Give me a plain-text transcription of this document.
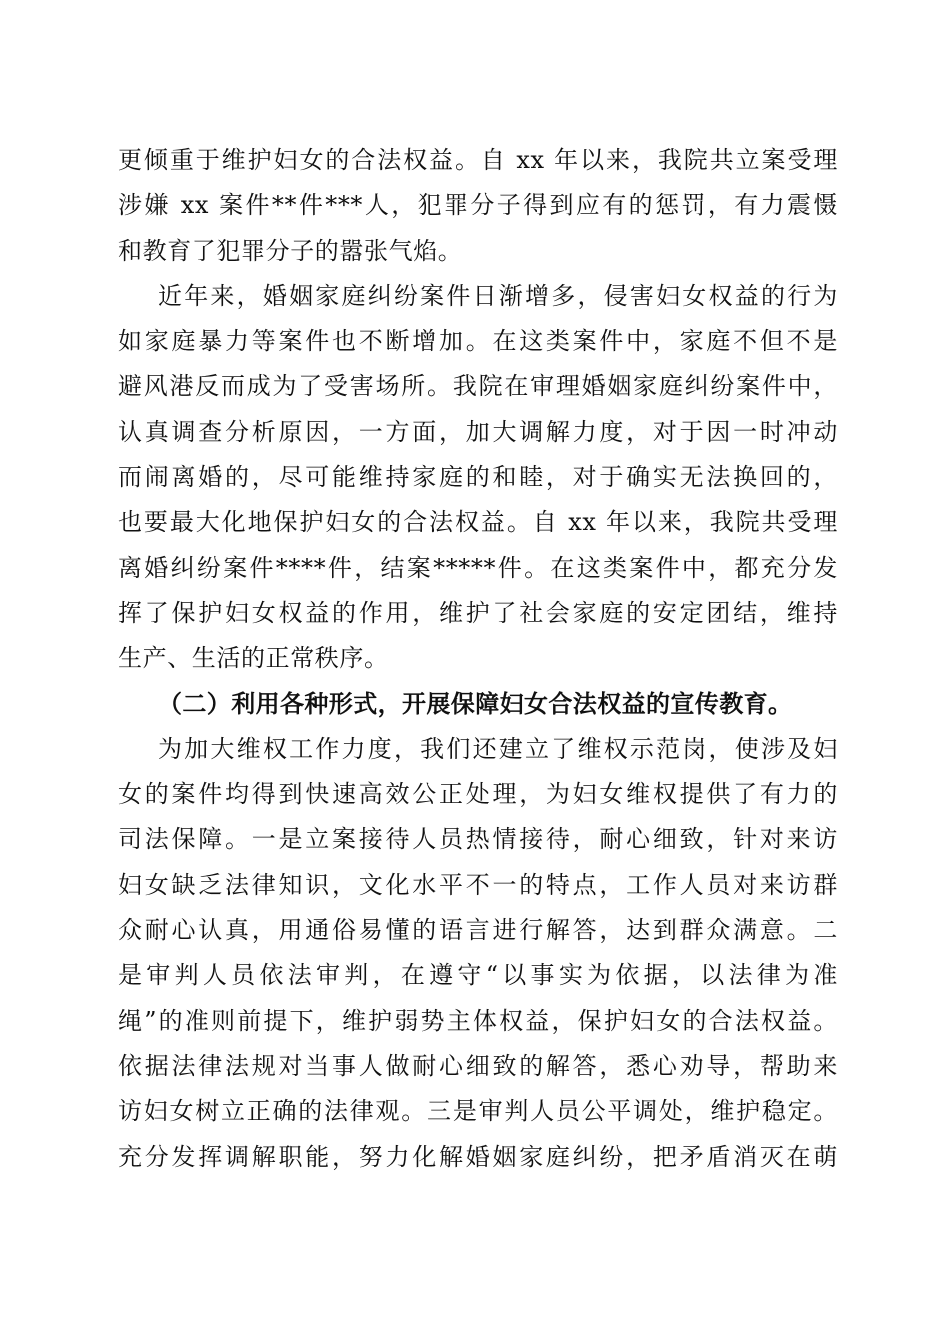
更倾重于维护妇女的合法权益。自 xx 年以来，我院共立案受理
涉嫌 xx 案件**件***人，犯罪分子得到应有的惩罚，有力震慑
和教育了犯罪分子的嚣张气焰。
近年来，婚姻家庭纠纷案件日渐增多，侵害妇女权益的行为
如家庭暴力等案件也不断增加。在这类案件中，家庭不但不是
避风港反而成为了受害场所。我院在审理婚姻家庭纠纷案件中，
认真调查分析原因，一方面，加大调解力度，对于因一时冲动
而闹离婚的，尽可能维持家庭的和睦，对于确实无法换回的，
也要最大化地保护妇女的合法权益。自 xx 年以来，我院共受理
离婚纠纷案件****件，结案*****件。在这类案件中，都充分发
挥了保护妇女权益的作用，维护了社会家庭的安定团结，维持
生产、生活的正常秩序。
（二）利用各种形式，开展保障妇女合法权益的宣传教育。
为加大维权工作力度，我们还建立了维权示范岗，使涉及妇
女的案件均得到快速高效公正处理，为妇女维权提供了有力的
司法保障。一是立案接待人员热情接待，耐心细致，针对来访
妇女缺乏法律知识，文化水平不一的特点，工作人员对来访群
众耐心认真，用通俗易懂的语言进行解答，达到群众满意。二
是审判人员依法审判，在遵守“以事实为依据，以法律为准
绳”的准则前提下，维护弱势主体权益，保护妇女的合法权益。
依据法律法规对当事人做耐心细致的解答，悉心劝导，帮助来
访妇女树立正确的法律观。三是审判人员公平调处，维护稳定。
充分发挥调解职能，努力化解婚姻家庭纠纷，把矛盾消灭在萌
